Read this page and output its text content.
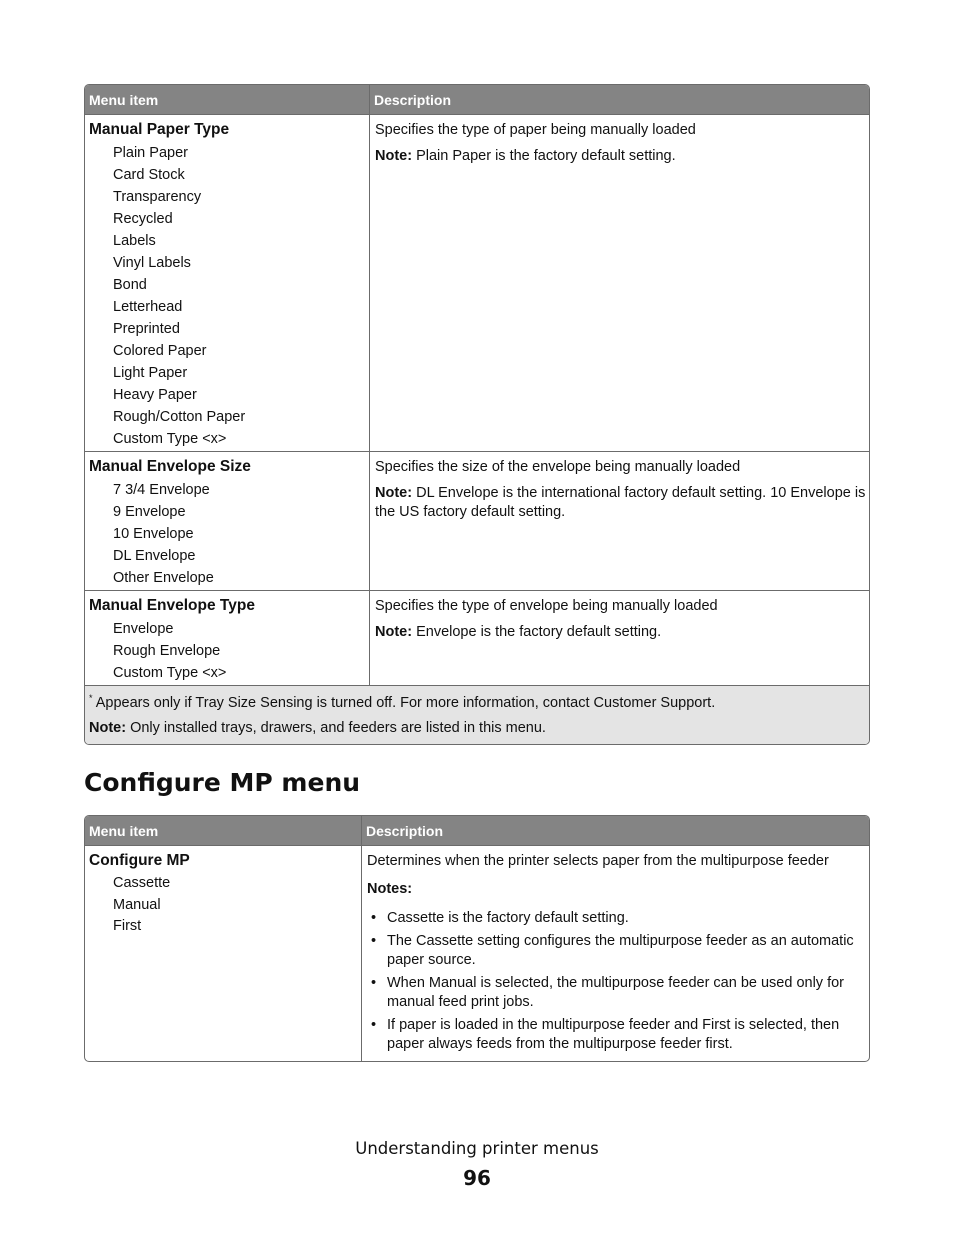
Menu item	Description
Manual Paper Type
Plain Paper
Card Stock
Transparency
Recycled
Labels
Vinyl Labels
Bond
Letterhead
Preprinted
Colored Paper
Light Paper
Heavy Paper
Rough/Cotton Paper
Custom Type <x>

Specifies the type of paper being manually loaded

Note: Plain Paper is the factory default setting.

Manual Envelope Size
7 3/4 Envelope
9 Envelope
10 Envelope
DL Envelope
Other Envelope

Specifies the size of the envelope being manually loaded

Note: DL Envelope is the international factory default setting. 10 Envelope is the US factory default setting.

Manual Envelope Type
Envelope
Rough Envelope
Custom Type <x>

Specifies the type of envelope being manually loaded

Note: Envelope is the factory default setting.

* Appears only if Tray Size Sensing is turned off. For more information, contact Customer Support.
Note: Only installed trays, drawers, and feeders are listed in this menu.
Configure MP menu
Menu item	Description
Configure MP
Cassette
Manual
First

Determines when the printer selects paper from the multipurpose feeder

Notes:

• Cassette is the factory default setting.
• The Cassette setting configures the multipurpose feeder as an automatic paper source.
• When Manual is selected, the multipurpose feeder can be used only for manual feed print jobs.
• If paper is loaded in the multipurpose feeder and First is selected, then paper always feeds from the multipurpose feeder first.
Understanding printer menus
96
